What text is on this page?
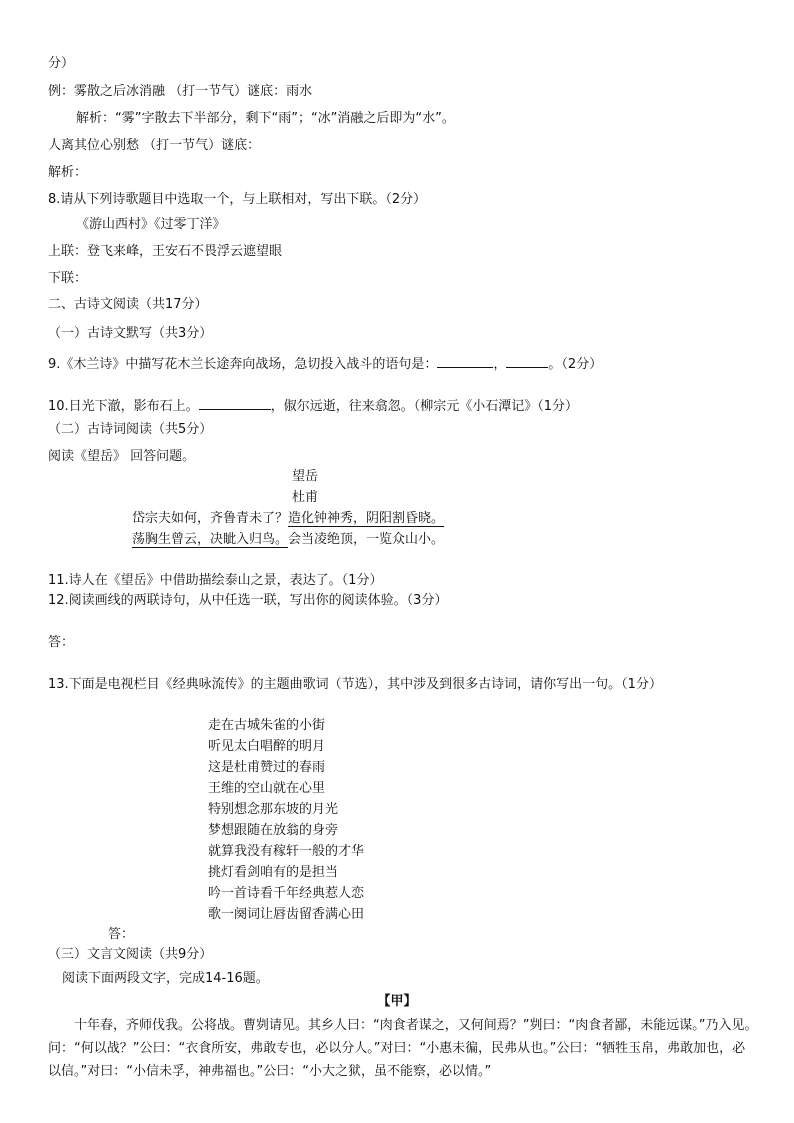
分）
例：雾散之后冰消融 （打一节气）谜底：雨水
解析：“雾”字散去下半部分，剩下“雨”；“冰”消融之后即为“水”。
人离其位心别愁 （打一节气）谜底：
解析：
8.请从下列诗歌题目中选取一个，与上联相对，写出下联。（2分）
《游山西村》《过零丁洋》
上联：登飞来峰，王安石不畏浮云遮望眼
下联：
二、古诗文阅读（共17分）
（一）古诗文默写（共3分）
9.《木兰诗》中描写花木兰长途奔向战场，急切投入战斗的语句是：	，	。（2分）
10.日光下澈，影布石上。	，俶尔远逝，往来翕忽。（柳宗元《小石潭记》（1分）
（二）古诗词阅读（共5分）
阅读《望岳》 回答问题。
望岳
杜甫
岱宗夫如何，齐鲁青未了？造化钟神秀，阴阳割昏晓。
荡胸生曾云，决眦入归鸟。会当凌绝顶，一览众山小。
11.诗人在《望岳》中借助描绘泰山之景，表达了。（1分）
12.阅读画线的两联诗句，从中任选一联，写出你的阅读体验。（3分）
答：
13.下面是电视栏目《经典咏流传》的主题曲歌词（节选），其中涉及到很多古诗词，请你写出一句。（1分）
走在古城朱雀的小街
听见太白唱醉的明月
这是杜甫赞过的春雨
王维的空山就在心里
特别想念那东坡的月光
梦想跟随在放翁的身旁
就算我没有稼轩一般的才华
挑灯看剑咱有的是担当
吟一首诗看千年经典惹人恋
歌一阕词让唇齿留香满心田
答：
（三）文言文阅读（共9分）
阅读下面两段文字，完成14-16题。
【甲】
十年春，齐师伐我。公将战。曹刿请见。其乡人曰：“肉食者谋之，又何间焉？”刿曰：“肉食者鄙，未能远谋。”乃入见。问：“何以战？”公曰：“衣食所安，弗敢专也，必以分人。”对曰：“小惠未徧，民弗从也。”公曰：“牺牲玉帛，弗敢加也，必以信。”对曰：“小信未孚，神弗福也。”公曰：“小大之狱，虽不能察，必以情。”
